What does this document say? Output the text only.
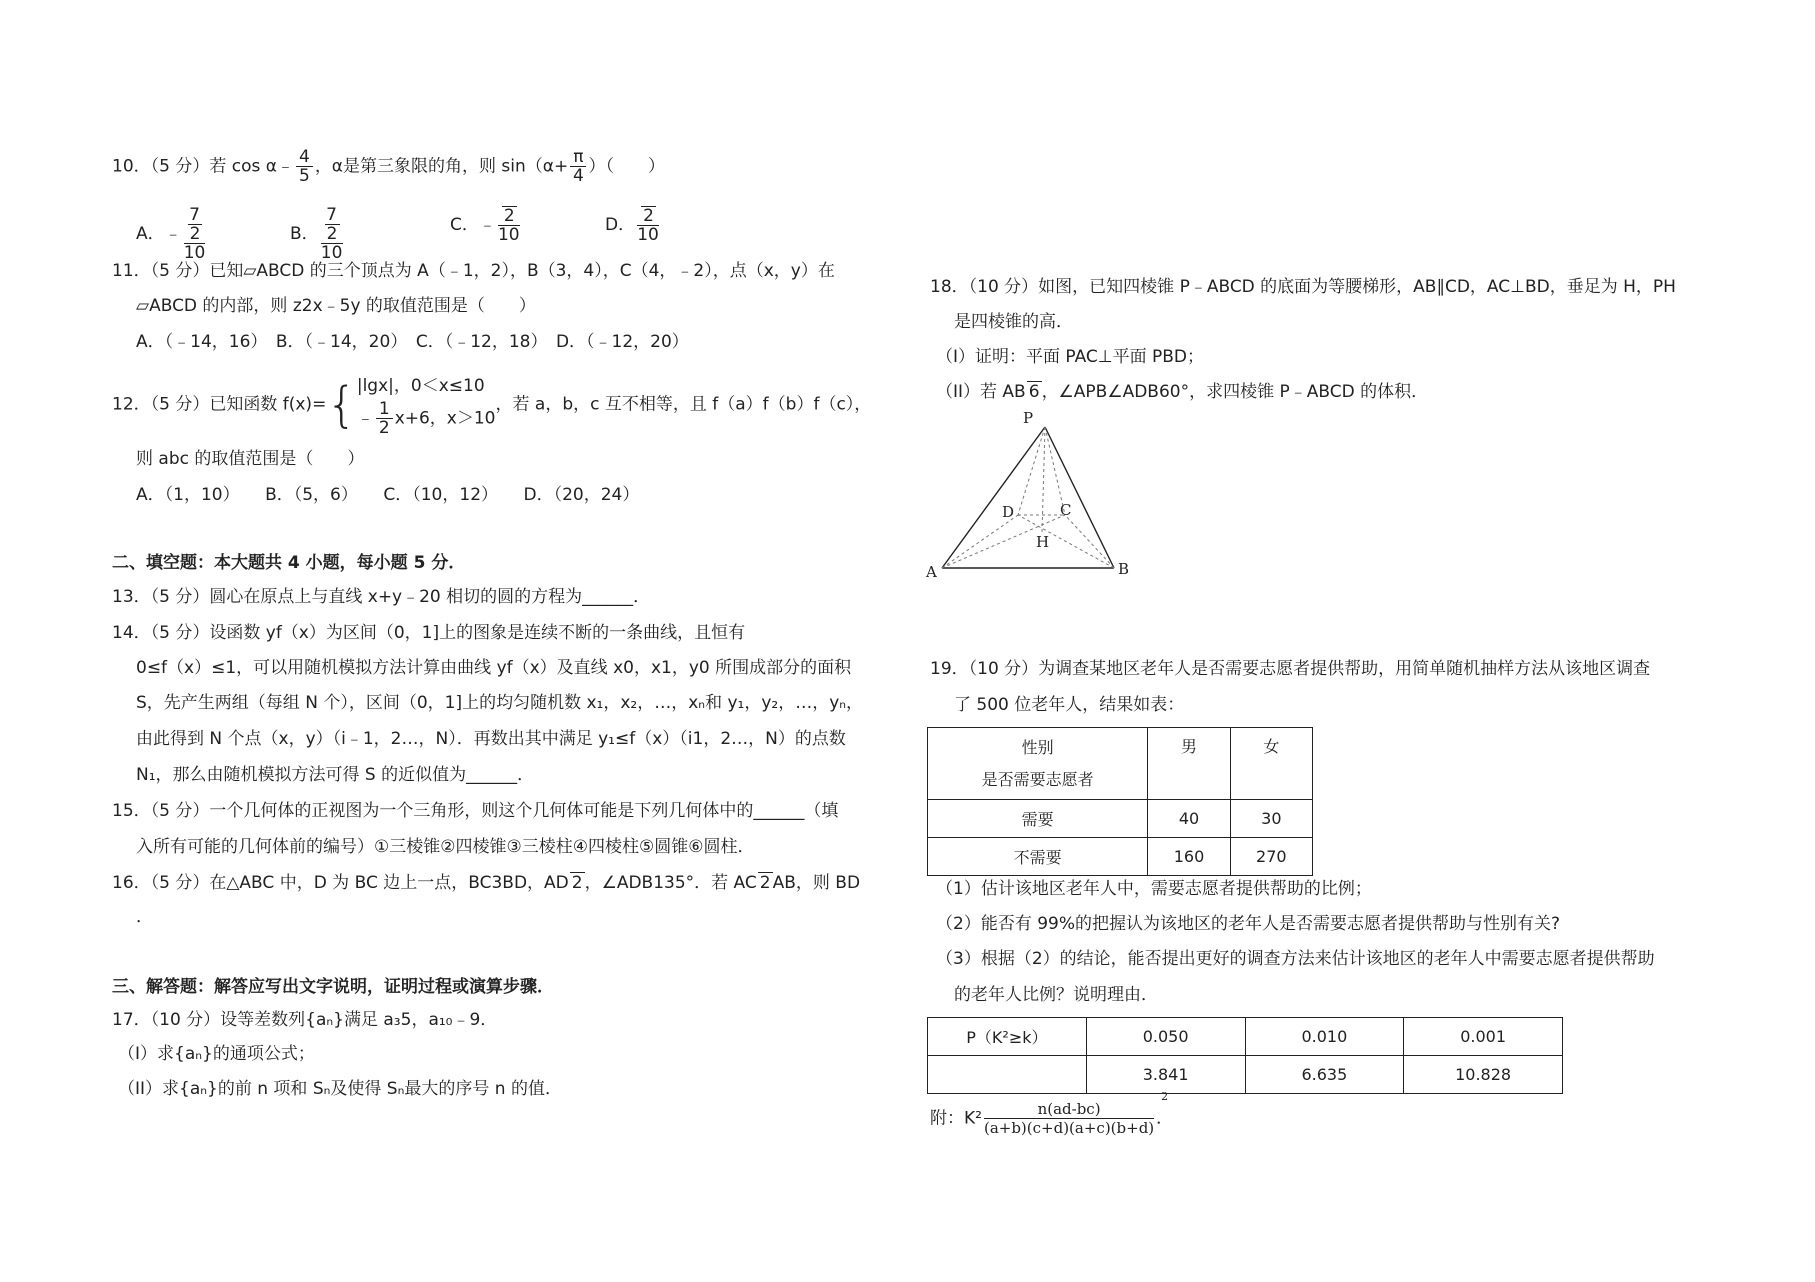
10．（5 分）若 cos α﹣ $\frac{4}{5}$ ，α是第三象限的角，则 $\sin(\alpha+ \frac{\pi}{4}$ ）（　　）
A．﹣ 7
2
10	B． 7
2
10	C．﹣ $\frac{2}{10}$	D． $\frac{2}{10}$
11．（5 分）已知▱ABCD 的三个顶点为 A（﹣1，2），B（3，4），C（4，﹣2），点（x，y）在
▱ABCD 的内部，则 z2x﹣5y 的取值范围是（　　）
A．（﹣14，16）　B．（﹣14，20）　C．（﹣12，18）　D．（﹣12，20）
12．（5 分）已知函数 f(x)={ |lgx|，0＜x≤10
﹣ $\frac{1}{2} x+6$，x＞10
，若 a，b，c 互不相等，且 f（a）f（b）f（c），
则 abc 的取值范围是（　　）
A．（1，10）　　B．（5，6）　　C．（10，12）　　D．（20，24）
二、填空题：本大题共 4 小题，每小题 5 分．
13．（5 分）圆心在原点上与直线 x+y﹣20 相切的圆的方程为______．
14．（5 分）设函数 yf（x）为区间（0，1]上的图象是连续不断的一条曲线，且恒有
0≤f（x）≤1，可以用随机模拟方法计算由曲线 yf（x）及直线 x0，x1，y0 所围成部分的面积
S，先产生两组（每组 N 个），区间（0，1]上的均匀随机数 x₁，x₂，…，xₙ和 y₁，y₂，…，yₙ，
由此得到 N 个点（x，y）（i﹣1，2…，N）．再数出其中满足 y₁≤f（x）（i1，2…，N）的点数
N₁，那么由随机模拟方法可得 S 的近似值为______．
15．（5 分）一个几何体的正视图为一个三角形，则这个几何体可能是下列几何体中的______（填
入所有可能的几何体前的编号）①三棱锥②四棱锥③三棱柱④四棱柱⑤圆锥⑥圆柱．
16．（5 分）在△ABC 中，D 为 BC 边上一点，BC3BD，AD 2 ，∠ADB135°．若 AC 2 AB，则 BD
．
三、解答题：解答应写出文字说明，证明过程或演算步骤．
17．（10 分）设等差数列{aₙ}满足 a₃5，a₁₀﹣9．
（I）求{aₙ}的通项公式；
（II）求{aₙ}的前 n 项和 Sₙ及使得 Sₙ最大的序号 n 的值．
18．（10 分）如图，已知四棱锥 P﹣ABCD 的底面为等腰梯形，AB∥CD，AC⊥BD，垂足为 H，PH
是四棱锥的高．
（I）证明：平面 PAC⊥平面 PBD；
（II）若 AB 6 ，∠APB∠ADB60°，求四棱锥 P﹣ABCD 的体积．
P
A	B
C
D
H
19．（10 分）为调查某地区老年人是否需要志愿者提供帮助，用简单随机抽样方法从该地区调查
了 500 位老年人，结果如表：
性别
是否需要志愿者	男	女
需要	40	30
不需要	160	270
（1）估计该地区老年人中，需要志愿者提供帮助的比例；
（2）能否有 99%的把握认为该地区的老年人是否需要志愿者提供帮助与性别有关?
（3）根据（2）的结论，能否提出更好的调查方法来估计该地区的老年人中需要志愿者提供帮助
的老年人比例？说明理由．
P（K²≥k）	0.050	0.010	0.001
	3.841	6.635	10.828
附：K² n(ad-bc)
2
(a+b)(c+d)(a+c)(b+d) ．
